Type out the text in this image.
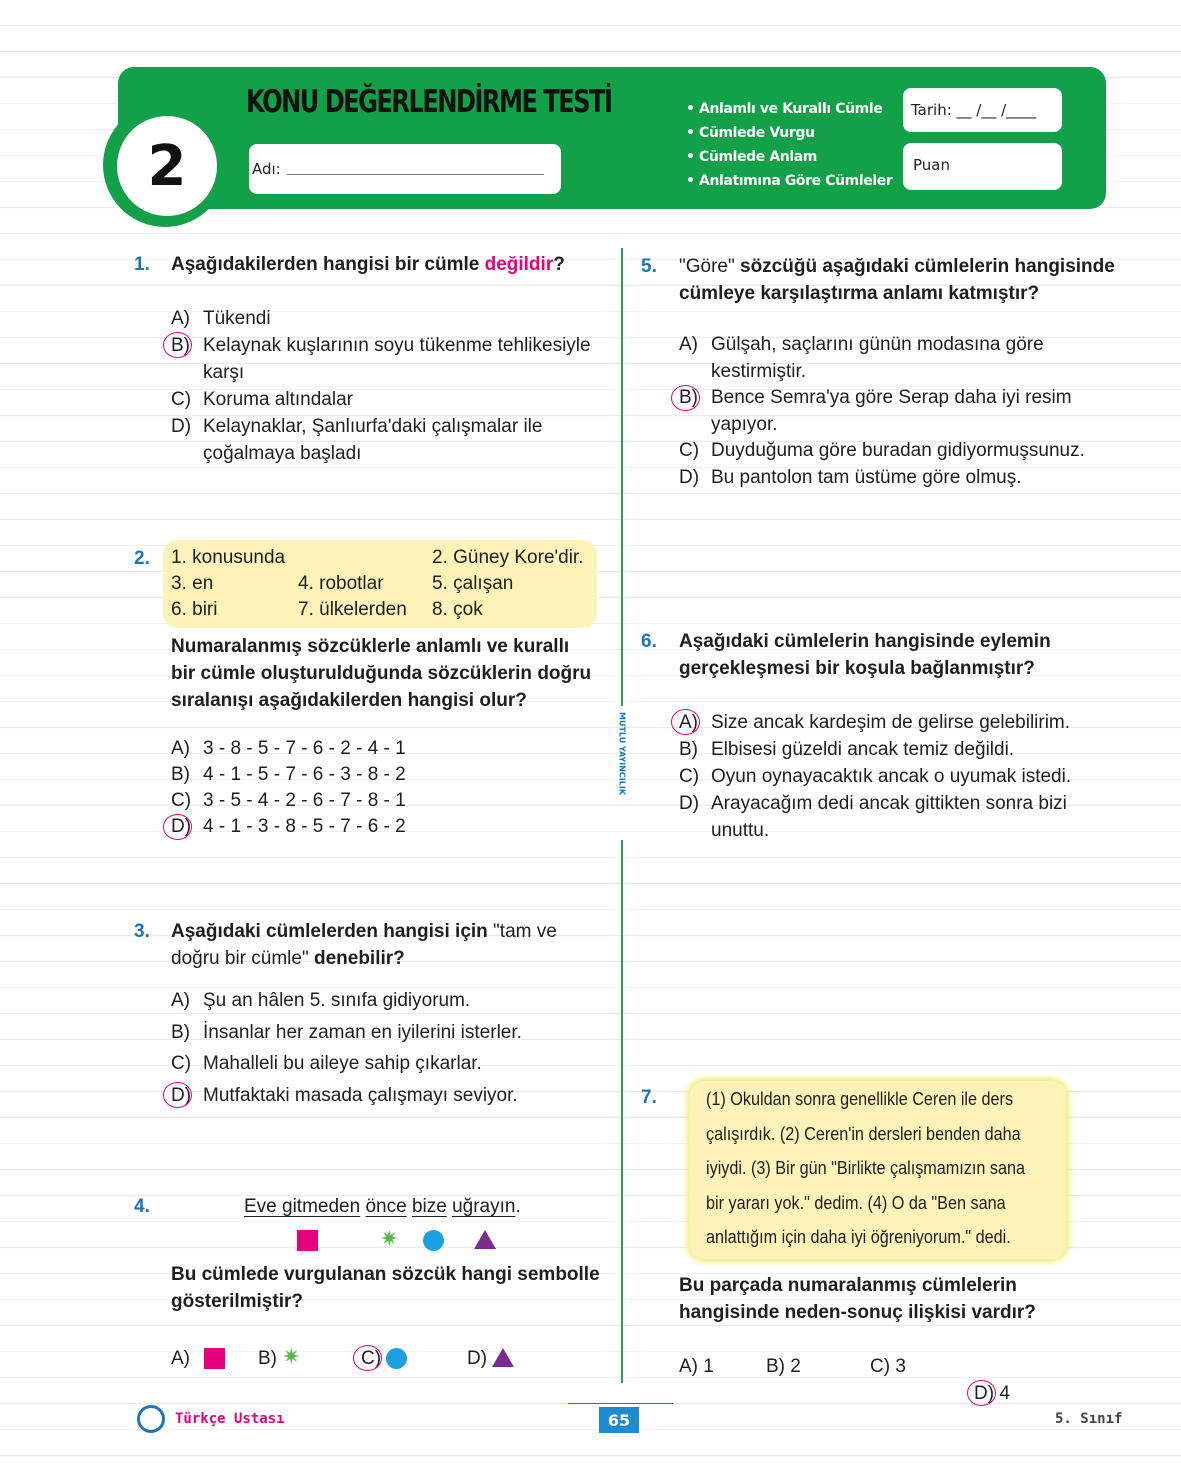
2
KONU DEĞERLENDİRME TESTİ
Adı:
• Anlamlı ve Kurallı Cümle
• Cümlede Vurgu
• Cümlede Anlam
• Anlatımına Göre Cümleler
Tarih: __ /__ /____
Puan
MUTLU YAYINCILIK
1. Aşağıdakilerden hangisi bir cümle değildir?
A) Tükendi
B) Kelaynak kuşlarının soyu tükenme tehlikesiyle
karşı
C) Koruma altındalar
D) Kelaynaklar, Şanlıurfa'daki çalışmalar ile
çoğalmaya başladı
2. 1. konusunda	2. Güney Kore'dir.
3. en	4. robotlar	5. çalışan
6. biri	7. ülkelerden 8. çok
Numaralanmış sözcüklerle anlamlı ve kurallı
bir cümle oluşturulduğunda sözcüklerin doğru
sıralanışı aşağıdakilerden hangisi olur?
A) 3 - 8 - 5 - 7 - 6 - 2 - 4 - 1
B) 4 - 1 - 5 - 7 - 6 - 3 - 8 - 2
C) 3 - 5 - 4 - 2 - 6 - 7 - 8 - 1
D) 4 - 1 - 3 - 8 - 5 - 7 - 6 - 2
3. Aşağıdaki cümlelerden hangisi için "tam ve
doğru bir cümle" denebilir?
A) Şu an hâlen 5. sınıfa gidiyorum.
B) İnsanlar her zaman en iyilerini isterler.
C) Mahalleli bu aileye sahip çıkarlar.
D) Mutfaktaki masada çalışmayı seviyor.
4.	Eve gitmeden önce bize uğrayın.
✷
Bu cümlede vurgulanan sözcük hangi sembolle
gösterilmiştir?
A)	B) ✷	C)	D)
5. "Göre" sözcüğü aşağıdaki cümlelerin hangisinde
cümleye karşılaştırma anlamı katmıştır?
A) Gülşah, saçlarını günün modasına göre
kestirmiştir.
B) Bence Semra'ya göre Serap daha iyi resim
yapıyor.
C) Duyduğuma göre buradan gidiyormuşsunuz.
D) Bu pantolon tam üstüme göre olmuş.
6. Aşağıdaki cümlelerin hangisinde eylemin
gerçekleşmesi bir koşula bağlanmıştır?
A) Size ancak kardeşim de gelirse gelebilirim.
B) Elbisesi güzeldi ancak temiz değildi.
C) Oyun oynayacaktık ancak o uyumak istedi.
D) Arayacağım dedi ancak gittikten sonra bizi
unuttu.
7.	(1) Okuldan sonra genellikle Ceren ile ders
çalışırdık. (2) Ceren'in dersleri benden daha
iyiydi. (3) Bir gün "Birlikte çalışmamızın sana
bir yararı yok." dedim. (4) O da "Ben sana
anlattığım için daha iyi öğreniyorum." dedi.
Bu parçada numaralanmış cümlelerin
hangisinde neden-sonuç ilişkisi vardır?
A) 1	B) 2	C) 3
D) 4
Türkçe Ustası	65	5. Sınıf
